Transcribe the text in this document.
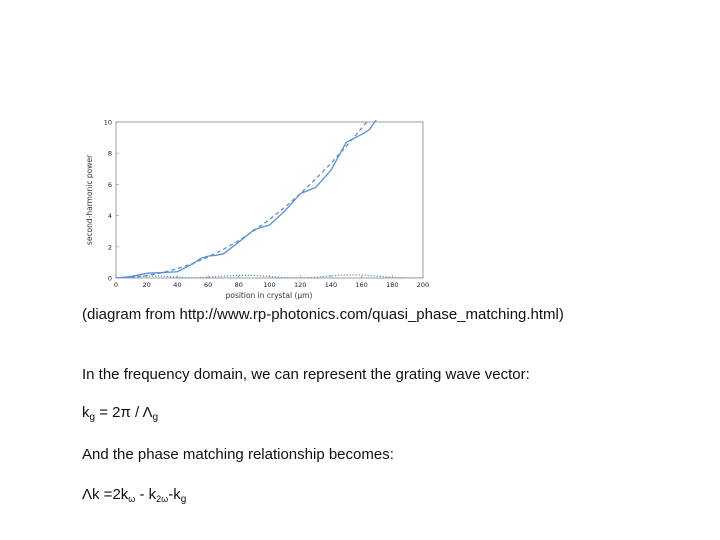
0	20	40	60	80	100	120	140	160	180	200
0
2
4
6
8
10
position in crystal (μm)
second-harmonic power
(diagram from http://www.rp-photonics.com/quasi_phase_matching.html)
In the frequency domain, we can represent the grating wave vector:
$k_g = 2\pi / \Lambda_g$
And the phase matching relationship becomes:
$\Lambda k =2k_\omega - k_{2\omega}-k_g$
